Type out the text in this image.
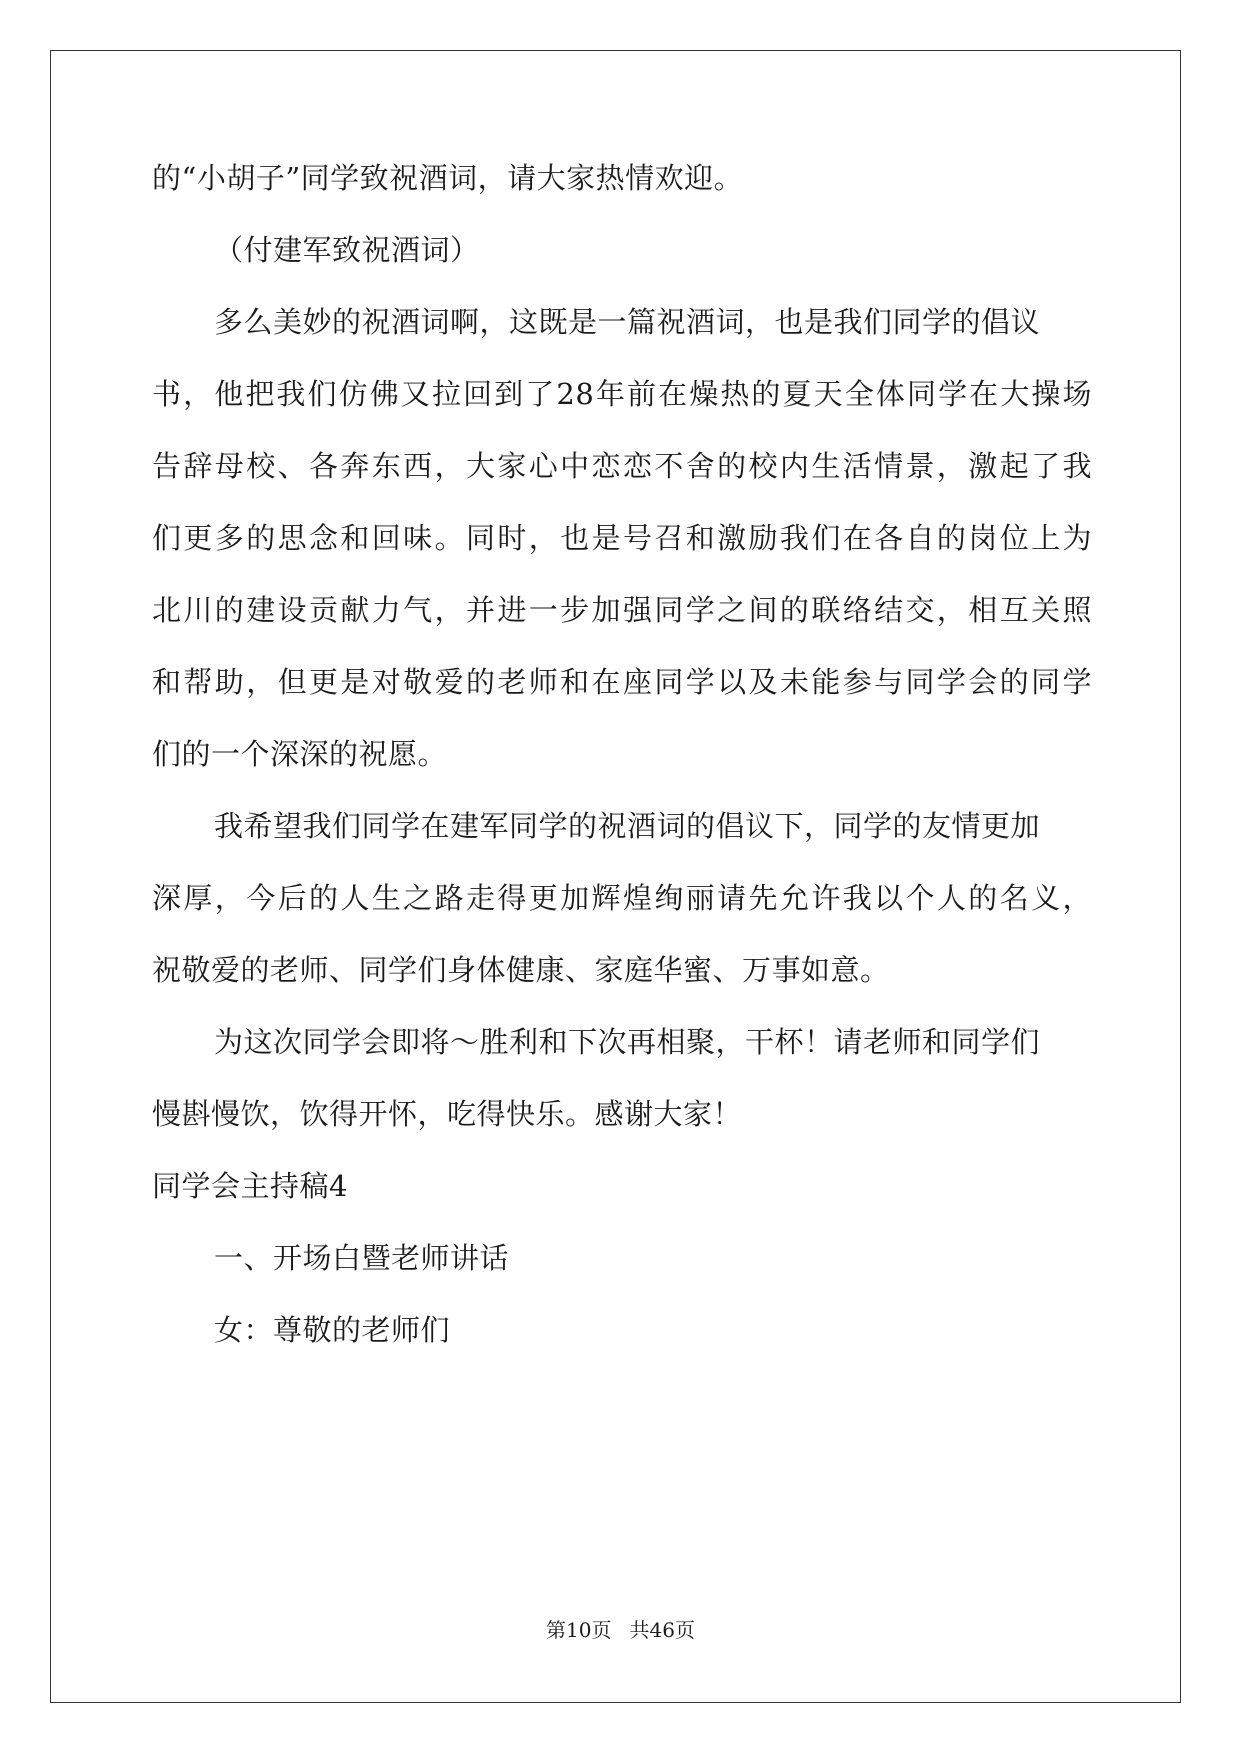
的“小胡子”同学致祝酒词，请大家热情欢迎。
（付建军致祝酒词）
多么美妙的祝酒词啊，这既是一篇祝酒词，也是我们同学的倡议
书，他把我们仿佛又拉回到了28年前在燥热的夏天全体同学在大操场
告辞母校、各奔东西，大家心中恋恋不舍的校内生活情景，激起了我
们更多的思念和回味。同时，也是号召和激励我们在各自的岗位上为
北川的建设贡献力气，并进一步加强同学之间的联络结交，相互关照
和帮助，但更是对敬爱的老师和在座同学以及未能参与同学会的同学
们的一个深深的祝愿。
我希望我们同学在建军同学的祝酒词的倡议下，同学的友情更加
深厚，今后的人生之路走得更加辉煌绚丽请先允许我以个人的名义，
祝敬爱的老师、同学们身体健康、家庭华蜜、万事如意。
为这次同学会即将～胜利和下次再相聚，干杯！请老师和同学们
慢斟慢饮，饮得开怀，吃得快乐。感谢大家！
同学会主持稿4
一、开场白暨老师讲话
女：尊敬的老师们
第10页 共46页
